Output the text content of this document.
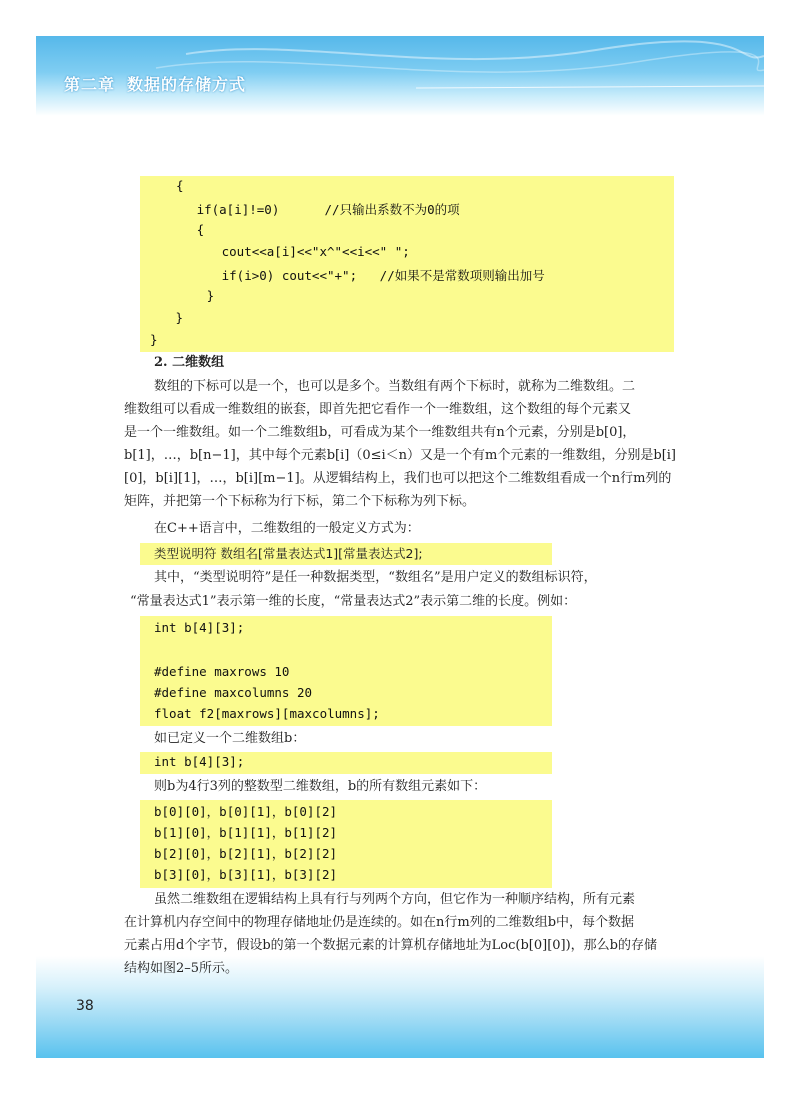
第二章 数据的存储方式
{
if(a[i]!=0)      //只输出系数不为0的项
{
cout<<a[i]<<"x^"<<i<<" ";
if(i>0) cout<<"+";   //如果不是常数项则输出加号
}
}
}
2. 二维数组
数组的下标可以是一个，也可以是多个。当数组有两个下标时，就称为二维数组。二
维数组可以看成一维数组的嵌套，即首先把它看作一个一维数组，这个数组的每个元素又
是一个一维数组。如一个二维数组b，可看成为某个一维数组共有n个元素，分别是b[0]，
b[1]，…，b[n−1]，其中每个元素b[i]（0≤i＜n）又是一个有m个元素的一维数组，分别是b[i]
[0]，b[i][1]，…，b[i][m−1]。从逻辑结构上，我们也可以把这个二维数组看成一个n行m列的
矩阵，并把第一个下标称为行下标，第二个下标称为列下标。
在C++语言中，二维数组的一般定义方式为：
类型说明符 数组名[常量表达式1][常量表达式2];
其中，“类型说明符”是任一种数据类型，“数组名”是用户定义的数组标识符，
“常量表达式1”表示第一维的长度，“常量表达式2”表示第二维的长度。例如：
int b[4][3];
#define maxrows 10
#define maxcolumns 20
float f2[maxrows][maxcolumns];
如已定义一个二维数组b：
int b[4][3];
则b为4行3列的整数型二维数组，b的所有数组元素如下：
b[0][0]，b[0][1]，b[0][2]
b[1][0]，b[1][1]，b[1][2]
b[2][0]，b[2][1]，b[2][2]
b[3][0]，b[3][1]，b[3][2]
虽然二维数组在逻辑结构上具有行与列两个方向，但它作为一种顺序结构，所有元素
在计算机内存空间中的物理存储地址仍是连续的。如在n行m列的二维数组b中，每个数据
元素占用d个字节，假设b的第一个数据元素的计算机存储地址为Loc(b[0][0])，那么b的存储
结构如图2–5所示。
38
